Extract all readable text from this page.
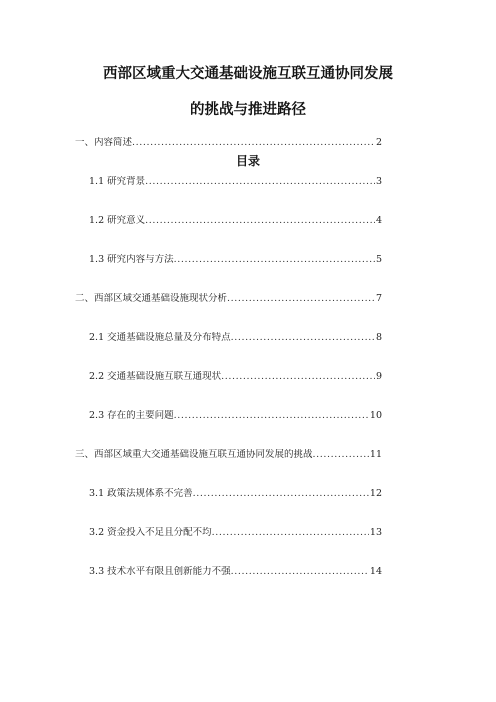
西部区域重大交通基础设施互联互通协同发展
的挑战与推进路径
目录
一、内容简述 .....	2
1.1 研究背景 .....	3
1.2 研究意义 .....	4
1.3 研究内容与方法 .....	5
二、西部区域交通基础设施现状分析 .....	7
2.1 交通基础设施总量及分布特点 .....	8
2.2 交通基础设施互联互通现状 .....	9
2.3 存在的主要问题 .....	10
三、西部区域重大交通基础设施互联互通协同发展的挑战 .....	11
3.1 政策法规体系不完善 .....	12
3.2 资金投入不足且分配不均 .....	13
3.3 技术水平有限且创新能力不强 .....	14
